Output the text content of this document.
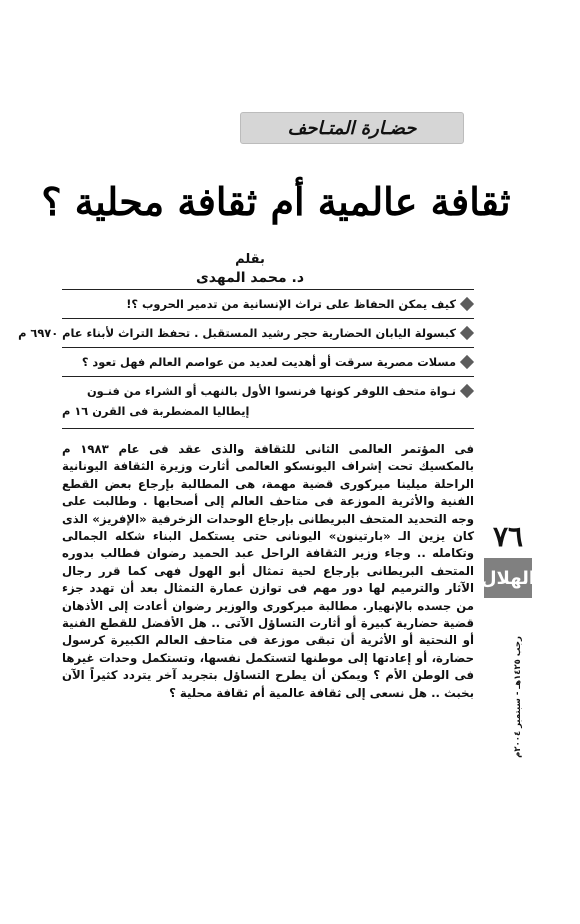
حضـارة المتـاحف
ثقافة عالمية أم ثقافة محلية ؟
بقلم
د. محمد المهدى
كيف يمكن الحفاظ على تراث الإنسانية من تدمير الحروب ؟!
كبسولة اليابان الحضارية حجر رشيد المستقبل . تحفظ التراث لأبناء عام ٦٩٧٠ م
مسلات مصرية سرقت أو أهديت لعديد من عواصم العالم فهل تعود ؟
نـواة متحف اللوفر كونها فرنسوا الأول بالنهب أو الشراء من فنـون
إيطاليا المضطربة فى القرن ١٦ م

فى المؤتمر العالمى الثانى للثقافة والذى عقد فى عام ١٩٨٣ م بالمكسيك تحت إشراف اليونسكو العالمى أثارت وزيرة الثقافة اليونانية الراحلة ميلينا ميركورى قضية مهمة، هى المطالبة بإرجاع بعض القطع الفنية والأثرية الموزعة فى متاحف العالم إلى أصحابها . وطالبت على وجه التحديد المتحف البريطانى بإرجاع الوحدات الزخرفية «الإفريز» الذى كان يزين الـ «بارتينون» اليونانى حتى يستكمل البناء شكله الجمالى وتكامله .. وجاء وزير الثقافة الراحل عبد الحميد رضوان فطالب بدوره المتحف البريطانى بإرجاع لحية تمثال أبو الهول فهى كما قرر رجال الآثار والترميم لها دور مهم فى توازن عمارة التمثال بعد أن تهدد جزء من جسده بالإنهيار. مطالبة ميركورى والوزير رضوان أعادت إلى الأذهان قضية حضارية كبيرة أو أثارت التساؤل الآتى .. هل الأفضل للقطع الفنية أو النحتية أو الأثرية أن تبقى موزعة فى متاحف العالم الكبيرة كرسول حضارة، أو إعادتها إلى موطنها لتستكمل نفسها، وتستكمل وحدات غيرها فى الوطن الأم ؟ ويمكن أن يطرح التساؤل بتجريد آخر يتردد كثيراً الآن بخبث .. هل نسعى إلى ثقافة عالمية أم ثقافة محلية ؟

٧٦
الهلال
رجب ١٤٢٥هـ - سبتمبر ٢٠٠٤م
